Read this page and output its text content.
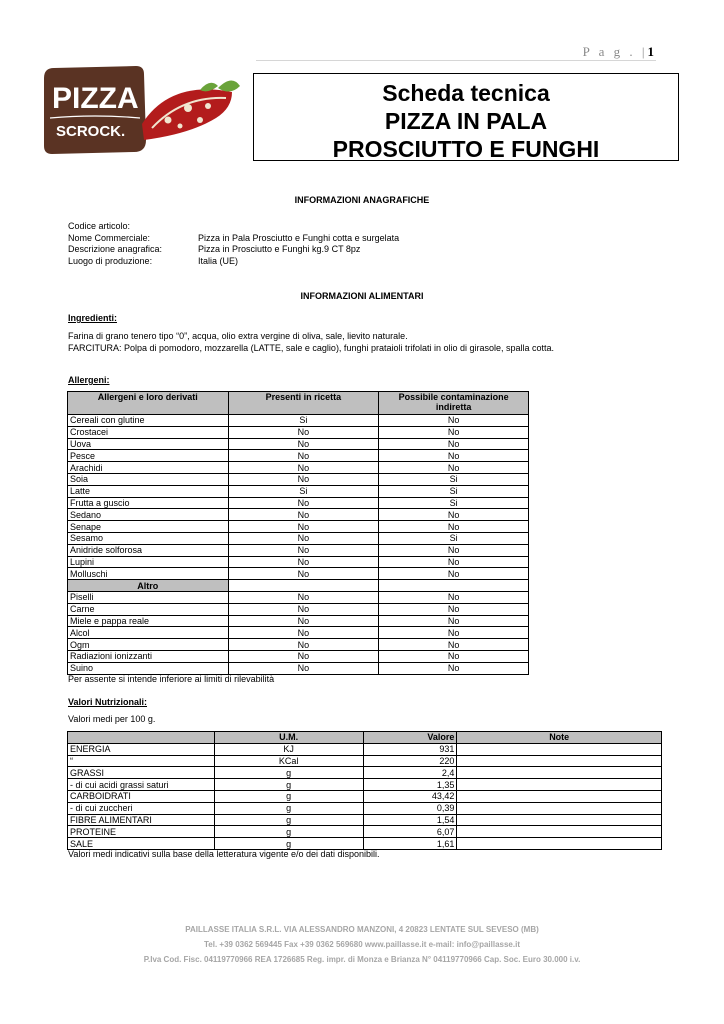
P a g . |1
PIZZA
SCROCK.
Scheda tecnica
PIZZA IN PALA
PROSCIUTTO E FUNGHI
INFORMAZIONI ANAGRAFICHE
Codice articolo:
Nome Commerciale:	Pizza in Pala Prosciutto e Funghi cotta e surgelata
Descrizione anagrafica:	Pizza in Prosciutto e Funghi kg.9 CT 8pz
Luogo di produzione:	Italia (UE)
INFORMAZIONI ALIMENTARI
Ingredienti:
Farina di grano tenero tipo “0”, acqua, olio extra vergine di oliva, sale, lievito naturale.
FARCITURA: Polpa di pomodoro, mozzarella (LATTE, sale e caglio), funghi prataioli trifolati in olio di girasole, spalla cotta.
Allergeni:
Allergeni e loro derivati	Presenti in ricetta	Possibile contaminazione indiretta
Cereali con glutine	Si	No
Crostacei	No	No
Uova	No	No
Pesce	No	No
Arachidi	No	No
Soia	No	Si
Latte	Si	Si
Frutta a guscio	No	Si
Sedano	No	No
Senape	No	No
Sesamo	No	Si
Anidride solforosa	No	No
Lupini	No	No
Molluschi	No	No
Altro		
Piselli	No	No
Carne	No	No
Miele e pappa reale	No	No
Alcol	No	No
Ogm	No	No
Radiazioni ionizzanti	No	No
Suino	No	No
Per assente si intende inferiore ai limiti di rilevabilità
Valori Nutrizionali:
Valori medi per 100 g.
	U.M.	Valore	Note
ENERGIA	KJ	931	
“	KCal	220	
GRASSI	g	2,4	
- di cui acidi grassi saturi	g	1,35	
CARBOIDRATI	g	43,42	
- di cui zuccheri	g	0,39	
FIBRE ALIMENTARI	g	1,54	
PROTEINE	g	6,07	
SALE	g	1,61	
Valori medi indicativi sulla base della letteratura vigente e/o dei dati disponibili.
PAILLASSE ITALIA S.R.L. VIA ALESSANDRO MANZONI, 4 20823 LENTATE SUL SEVESO (MB)
Tel. +39 0362 569445 Fax +39 0362 569680 www.paillasse.it e-mail: info@paillasse.it
P.Iva Cod. Fisc. 04119770966 REA 1726685 Reg. impr. di Monza e Brianza N° 04119770966 Cap. Soc. Euro 30.000 i.v.
